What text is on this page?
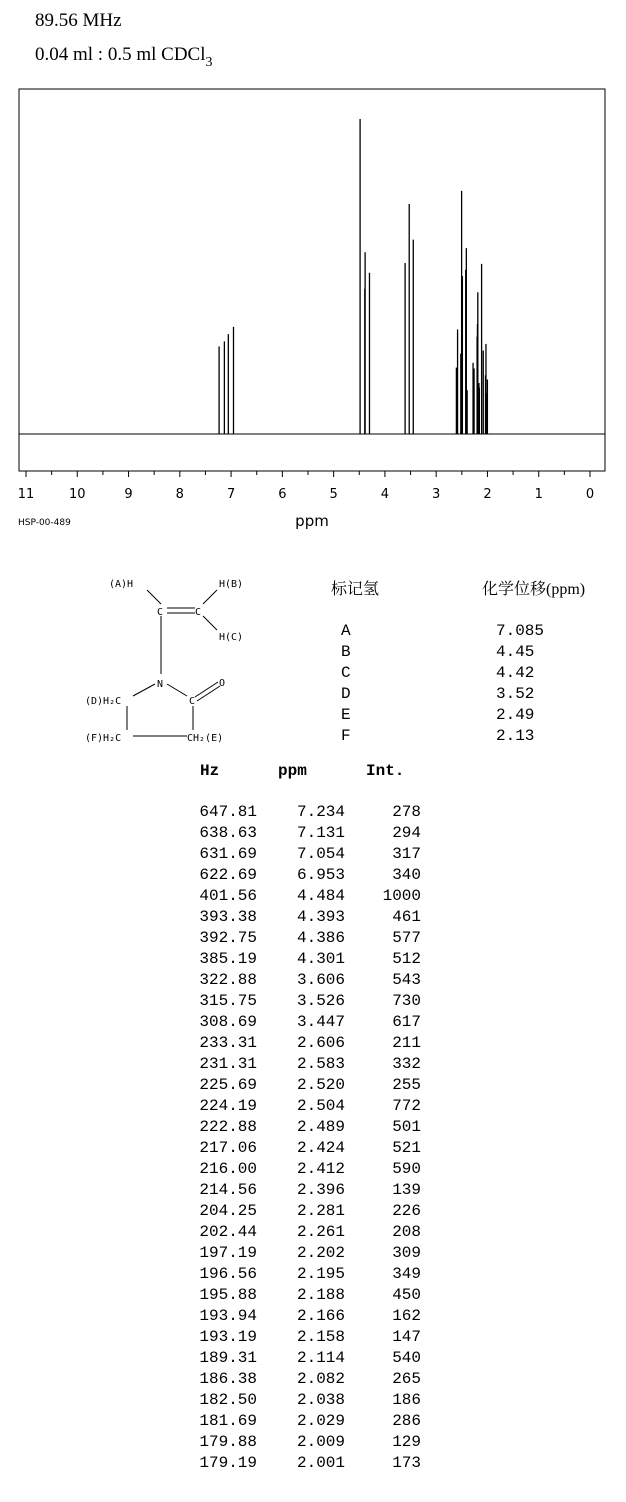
89.56 MHz
0.04 ml : 0.5 ml CDCl$_3$
11	10	9	8	7	6	5	4	3	2	1	0
ppm
HSP-00-489
(A)H	H(B)
H(C)
C	C
N	O
C
(D)H₂C
(F)H₂C	CH₂(E)
标记氢	化学位移(ppm)
A	7.085
B	4.45
C	4.42
D	3.52
E	2.49
F	2.13
Hz	ppm	Int.
647.81 7.234	278
638.63 7.131	294
631.69 7.054	317
622.69 6.953	340
401.56 4.484 1000
393.38 4.393	461
392.75 4.386	577
385.19 4.301	512
322.88 3.606	543
315.75 3.526	730
308.69 3.447	617
233.31 2.606	211
231.31 2.583	332
225.69 2.520	255
224.19 2.504	772
222.88 2.489	501
217.06 2.424	521
216.00 2.412	590
214.56 2.396	139
204.25 2.281	226
202.44 2.261	208
197.19 2.202	309
196.56 2.195	349
195.88 2.188	450
193.94 2.166	162
193.19 2.158	147
189.31 2.114	540
186.38 2.082	265
182.50 2.038	186
181.69 2.029	286
179.88 2.009	129
179.19 2.001	173
